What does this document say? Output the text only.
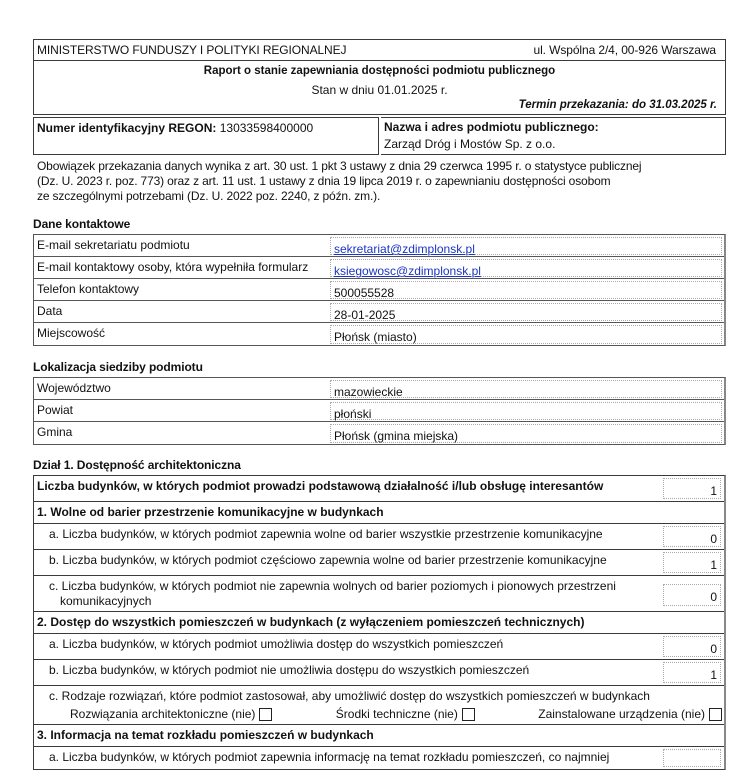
MINISTERSTWO FUNDUSZY I POLITYKI REGIONALNEJ	ul. Wspólna 2/4, 00-926 Warszawa
Raport o stanie zapewniania dostępności podmiotu publicznego
Stan w dniu 01.01.2025 r.
Termin przekazania: do 31.03.2025 r.
Numer identyfikacyjny REGON: 13033598400000	Nazwa i adres podmiotu publicznego:
Zarząd Dróg i Mostów Sp. z o.o.
Obowiązek przekazania danych wynika z art. 30 ust. 1 pkt 3 ustawy z dnia 29 czerwca 1995 r. o statystyce publicznej
(Dz. U. 2023 r. poz. 773) oraz z art. 11 ust. 1 ustawy z dnia 19 lipca 2019 r. o zapewnianiu dostępności osobom
ze szczególnymi potrzebami (Dz. U. 2022 poz. 2240, z późn. zm.).
Dane kontaktowe
E-mail sekretariatu podmiotu	sekretariat@zdimplonsk.pl
E-mail kontaktowy osoby, która wypełniła formularz	ksiegowosc@zdimplonsk.pl
Telefon kontaktowy	500055528
Data	28-01-2025
Miejscowość	Płońsk (miasto)
Lokalizacja siedziby podmiotu
Województwo	mazowieckie
Powiat	płoński
Gmina	Płońsk (gmina miejska)
Dział 1. Dostępność architektoniczna
Liczba budynków, w których podmiot prowadzi podstawową działalność i/lub obsługę interesantów	1
1. Wolne od barier przestrzenie komunikacyjne w budynkach
a. Liczba budynków, w których podmiot zapewnia wolne od barier wszystkie przestrzenie komunikacyjne	0
b. Liczba budynków, w których podmiot częściowo zapewnia wolne od barier przestrzenie komunikacyjne	1
c. Liczba budynków, w których podmiot nie zapewnia wolnych od barier poziomych i pionowych przestrzeni
komunikacyjnych	0
2. Dostęp do wszystkich pomieszczeń w budynkach (z wyłączeniem pomieszczeń technicznych)
a. Liczba budynków, w których podmiot umożliwia dostęp do wszystkich pomieszczeń	0
b. Liczba budynków, w których podmiot nie umożliwia dostępu do wszystkich pomieszczeń	1
c. Rodzaje rozwiązań, które podmiot zastosował, aby umożliwić dostęp do wszystkich pomieszczeń w budynkach
Rozwiązania architektoniczne (nie)	Środki techniczne (nie)	Zainstalowane urządzenia (nie)
3. Informacja na temat rozkładu pomieszczeń w budynkach
a. Liczba budynków, w których podmiot zapewnia informację na temat rozkładu pomieszczeń, co najmniej
